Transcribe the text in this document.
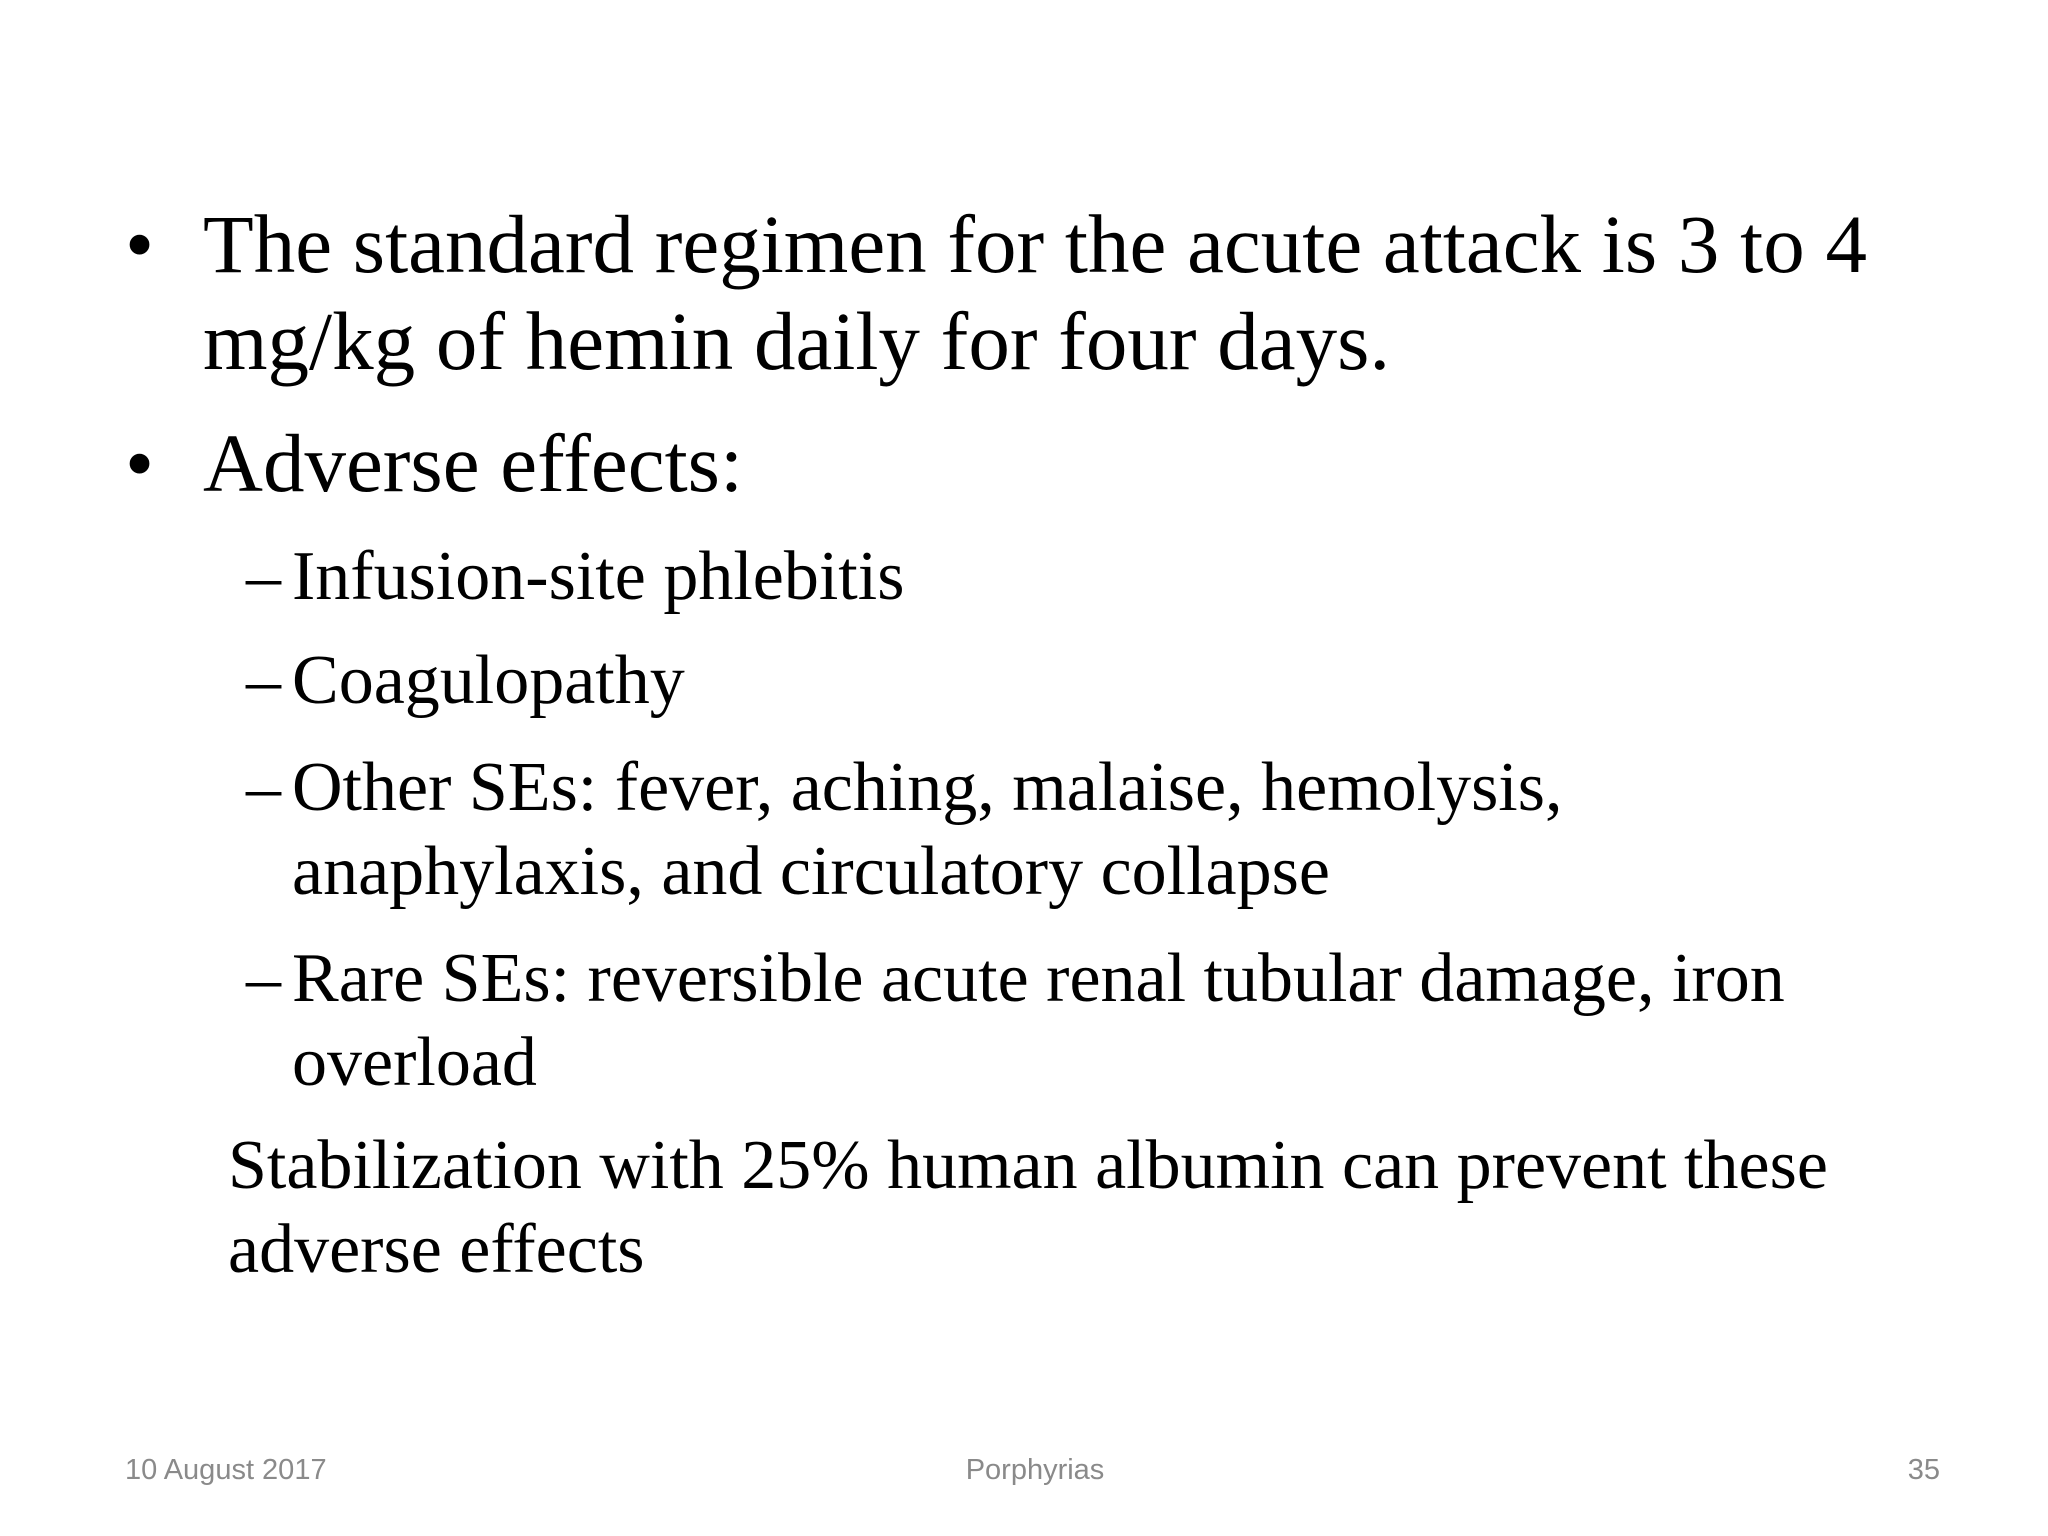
• The standard regimen for the acute attack is 3 to 4 mg/kg of hemin daily for four days.
• Adverse effects:
– Infusion-site phlebitis
– Coagulopathy
– Other SEs: fever, aching, malaise, hemolysis, anaphylaxis, and circulatory collapse
– Rare SEs: reversible acute renal tubular damage, iron overload
Stabilization with 25% human albumin can prevent these adverse effects
10 August 2017	Porphyrias	35
